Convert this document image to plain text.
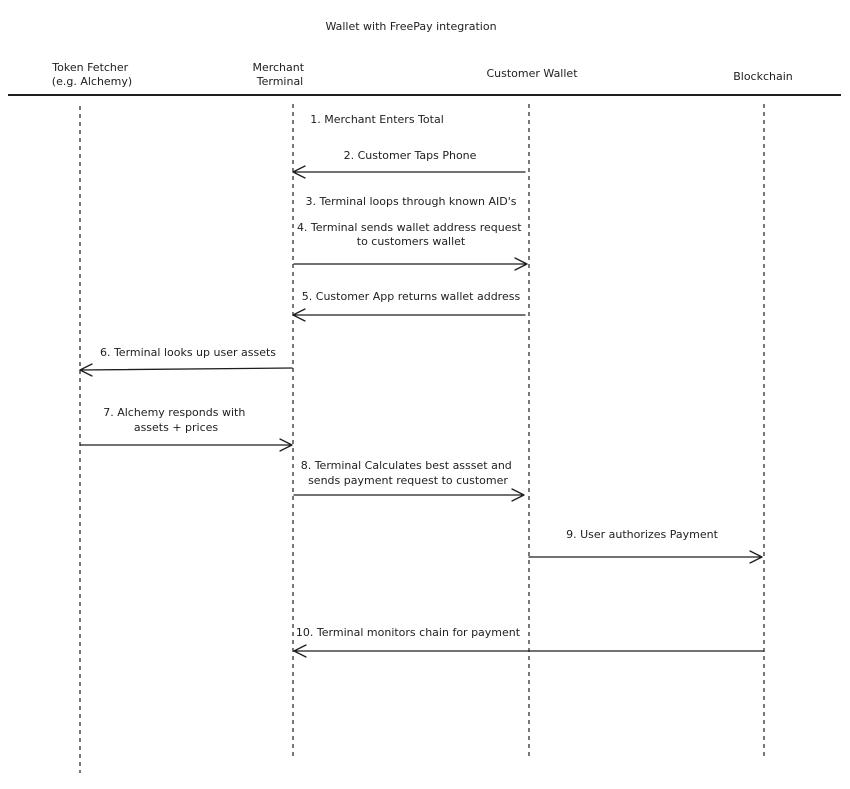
Wallet with FreePay integration
Token Fetcher (e.g. Alchemy)
Merchant Terminal
Customer Wallet	Blockchain
1. Merchant Enters Total
2. Customer Taps Phone
3. Terminal loops through known AID's
4. Terminal sends wallet address request to customers wallet
5. Customer App returns wallet address
6. Terminal looks up user assets
7. Alchemy responds with assets + prices
8. Terminal Calculates best assset and sends payment request to customer
9. User authorizes Payment
10. Terminal monitors chain for payment
